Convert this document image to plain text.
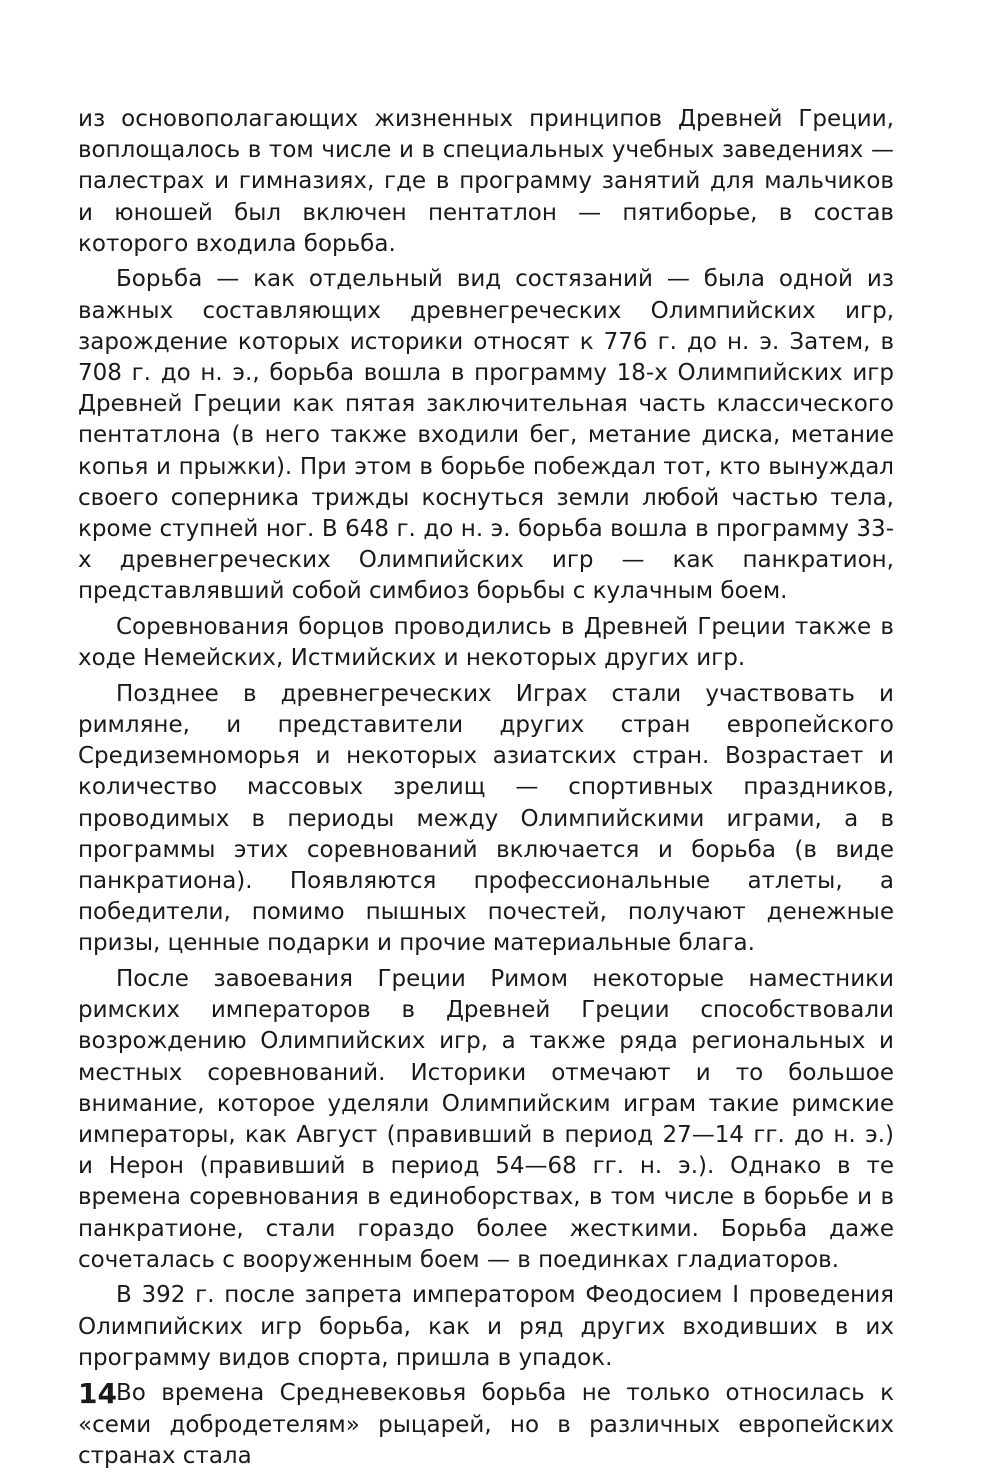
из основополагающих жизненных принципов Древней Греции, воплощалось в том числе и в специальных учебных заведениях — палестрах и гимназиях, где в программу занятий для мальчиков и юношей был включен пентатлон — пятиборье, в состав которого входила борьба.

Борьба — как отдельный вид состязаний — была одной из важных составляющих древнегреческих Олимпийских игр, зарождение которых историки относят к 776 г. до н. э. Затем, в 708 г. до н. э., борьба вошла в программу 18-х Олимпийских игр Древней Греции как пятая заключительная часть классического пентатлона (в него также входили бег, метание диска, метание копья и прыжки). При этом в борьбе побеждал тот, кто вынуждал своего соперника трижды коснуться земли любой частью тела, кроме ступней ног. В 648 г. до н. э. борьба вошла в программу 33-х древнегреческих Олимпийских игр — как панкратион, представлявший собой симбиоз борьбы с кулачным боем.

Соревнования борцов проводились в Древней Греции также в ходе Немейских, Истмийских и некоторых других игр.

Позднее в древнегреческих Играх стали участвовать и римляне, и представители других стран европейского Средиземноморья и некоторых азиатских стран. Возрастает и количество массовых зрелищ — спортивных праздников, проводимых в периоды между Олимпийскими играми, а в программы этих соревнований включается и борьба (в виде панкратиона). Появляются профессиональные атлеты, а победители, помимо пышных почестей, получают денежные призы, ценные подарки и прочие материальные блага.

После завоевания Греции Римом некоторые наместники римских императоров в Древней Греции способствовали возрождению Олимпийских игр, а также ряда региональных и местных соревнований. Историки отмечают и то большое внимание, которое уделяли Олимпийским играм такие римские императоры, как Август (правивший в период 27—14 гг. до н. э.) и Нерон (правивший в период 54—68 гг. н. э.). Однако в те времена соревнования в единоборствах, в том числе в борьбе и в панкратионе, стали гораздо более жесткими. Борьба даже сочеталась с вооруженным боем — в поединках гладиаторов.

В 392 г. после запрета императором Феодосием I проведения Олимпийских игр борьба, как и ряд других входивших в их программу видов спорта, пришла в упадок.

Во времена Средневековья борьба не только относилась к «семи добродетелям» рыцарей, но в различных европейских странах стала

14
